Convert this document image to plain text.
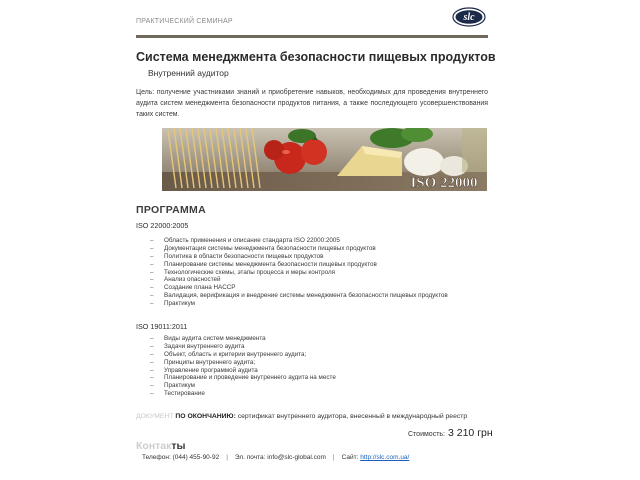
ПРАКТИЧЕСКИЙ СЕМИНАР	slc
Система менеджмента безопасности пищевых продуктов
Внутренний аудитор
Цель: получение участниками знаний и приобретение навыков, необходимых для проведения внутреннего аудита систем менеджмента безопасности продуктов питания, а также последующего усовершенствования таких систем.
ISO 22000
ПРОГРАММА
ISO 22000:2005
– Область применения и описание стандарта ISO 22000:2005
– Документация системы менеджмента безопасности пищевых продуктов
– Политика в области безопасности пищевых продуктов
– Планирование системы менеджмента безопасности пищевых продуктов
– Технологические схемы, этапы процесса и меры контроля
– Анализ опасностей
– Создание плана HACCP
– Валидация, верификация и внедрение системы менеджмента безопасности пищевых продуктов
– Практикум
ISO 19011:2011
– Виды аудита систем менеджмента
– Задачи внутреннего аудита
– Объект, область и критерии внутреннего аудита;
– Принципы внутреннего аудита;
– Управление программой аудита
– Планирование и проведение внутреннего аудита на месте
– Практикум
– Тестирование
ДОКУМЕНТ ПО ОКОНЧАНИЮ: сертификат внутреннего аудитора, внесенный в международный реестр
Стоимость: 3 210 грн
Контакты
Телефон: (044) 455-90-92 | Эл. почта: info@slc-global.com | Сайт: http://slc.com.ua/
